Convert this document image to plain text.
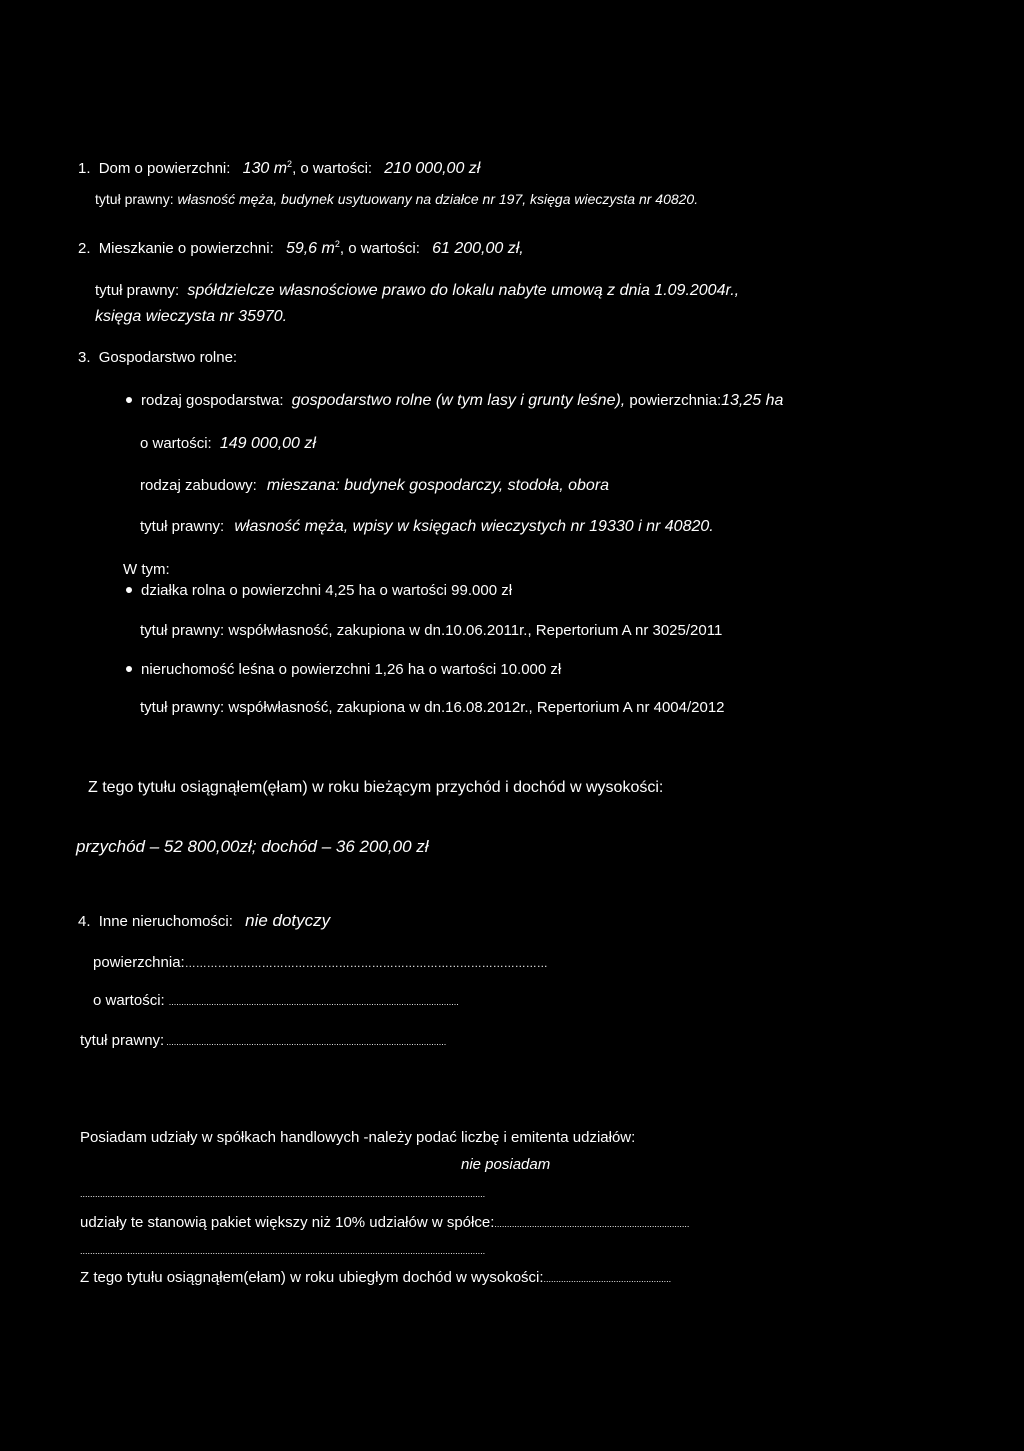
1. Dom o powierzchni: 130 $m^2$, o wartości: 210 000,00 zł
tytuł prawny: własność męża, budynek usytuowany na działce nr 197, księga wieczysta nr 40820.
2. Mieszkanie o powierzchni: 59,6 $m^2$, o wartości: 61 200,00 zł,
tytuł prawny: spółdzielcze własnościowe prawo do lokalu nabyte umową z dnia 1.09.2004r.,
księga wieczysta nr 35970.
3. Gospodarstwo rolne:
rodzaj gospodarstwa: gospodarstwo rolne (w tym lasy i grunty leśne), powierzchnia:13,25 ha
o wartości: 149 000,00 zł
rodzaj zabudowy: mieszana: budynek gospodarczy, stodoła, obora
tytuł prawny: własność męża, wpisy w księgach wieczystych nr 19330 i nr 40820.
W tym:
działka rolna o powierzchni 4,25 ha o wartości 99.000 zł
tytuł prawny: współwłasność, zakupiona w dn.10.06.2011r., Repertorium A nr 3025/2011
nieruchomość leśna o powierzchni 1,26 ha o wartości 10.000 zł
tytuł prawny: współwłasność, zakupiona w dn.16.08.2012r., Repertorium A nr 4004/2012
Z tego tytułu osiągnąłem(ęłam) w roku bieżącym przychód i dochód w wysokości:
przychód – 52 800,00zł; dochód – 36 200,00 zł
4. Inne nieruchomości: nie dotyczy
powierzchnia:………………………………………………………………………………………
o wartości: ....................................................................................................................
tytuł prawny: ................................................................................................................
Posiadam udziały w spółkach handlowych -należy podać liczbę i emitenta udziałów:
nie posiadam
..................................................................................................................................................................
udziały te stanowią pakiet większy niż 10% udziałów w spółce:..............................................................................
..................................................................................................................................................................
Z tego tytułu osiągnąłem(ełam) w roku ubiegłym dochód w wysokości:...................................................
